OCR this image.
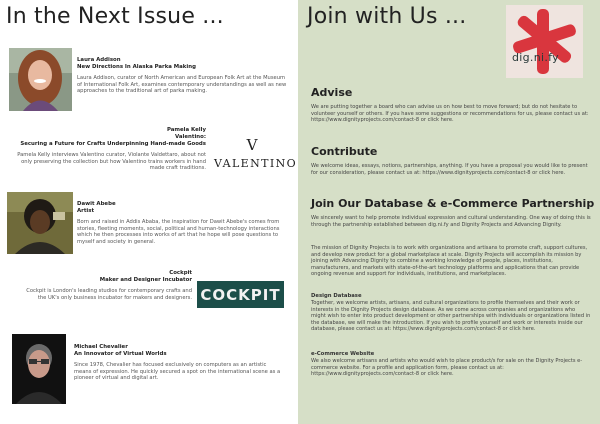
In the Next Issue ...
Laura Addison
New Directions In Alaska Parka Making
Laura Addison, curator of North American and European Folk Art at the Museum of International Folk Art, examines contemporary understandings as well as new approaches to the traditional art of parka making.
Pamela Kelly
Valentino:
Securing a Future for Crafts Underpinning Hand-made Goods
Pamela Kelly interviews Valentino curator, Violante Valdettaro, about not only preserving the collection but how Valentino trains workers in hand made craft traditions.
V
VALENTINO
Dawit Abebe
Artist
Born and raised in Addis Ababa, the inspiration for Dawit Abebe's comes from stories, fleeting moments, social, political and human-technology interactions which he then processes into works of art that he hope will pose questions to myself and society in general.
Cockpit
Maker and Designer Incubator
Cockpit is London's leading studios for contemporary crafts and the UK's only business incubator for makers and designers. COCKPIT
Michael Chevalier
An Innovator of Virtual Worlds
Since 1978, Chevalier has focused exclusively on computers as an artistic means of expression. He quickly secured a spot on the international scene as a pioneer of virtual and digital art.
Join with Us ...
dig.ni.fy
Advise
We are putting together a board who can advise us on how best to move forward; but do not hesitate to volunteer yourself or others. If you have some suggestions or recommendations for us, please contact us at: https://www.dignityprojects.com/contact-8 or click here.
Contribute
We welcome ideas, essays, notions, partnerships, anything. If you have a proposal you would like to present for our consideration, please contact us at: https://www.dignityprojects.com/contact-8 or click here.
Join Our Database & e-Commerce Partnership
We sincerely want to help promote individual expression and cultural understanding. One way of doing this is through the partnership established between dig.ni.fy and Dignity Projects and Advancing Dignity.
The mission of Dignity Projects is to work with organizations and artisans to promote craft, support cultures, and develop new product for a global marketplace at scale. Dignity Projects will accomplish its mission by joining with Advancing Dignity to combine a working knowledge of people, places, institutions, manufacturers, and markets with state-of-the-art technology platforms and applications that can provide ongoing revenue and support for individuals, institutions, and marketplaces.
Design Database
Together, we welcome artists, artisans, and cultural organizations to profile themselves and their work or interests in the Dignity Projects design database. As we come across companies and organizations who might wish to enter into product development or other partnerships with individuals or organizations listed in the database, we will make the introduction. If you wish to profile yourself and work or interests inside our database, please contact us at: https://www.dignityprojects.com/contact-8 or click here.
e-Commerce Website
We also welcome artisans and artists who would wish to place product/s for sale on the Dignity Projects e-commerce website. For a profile and application form, please contact us at: https://www.dignityprojects.com/contact-8 or click here.
